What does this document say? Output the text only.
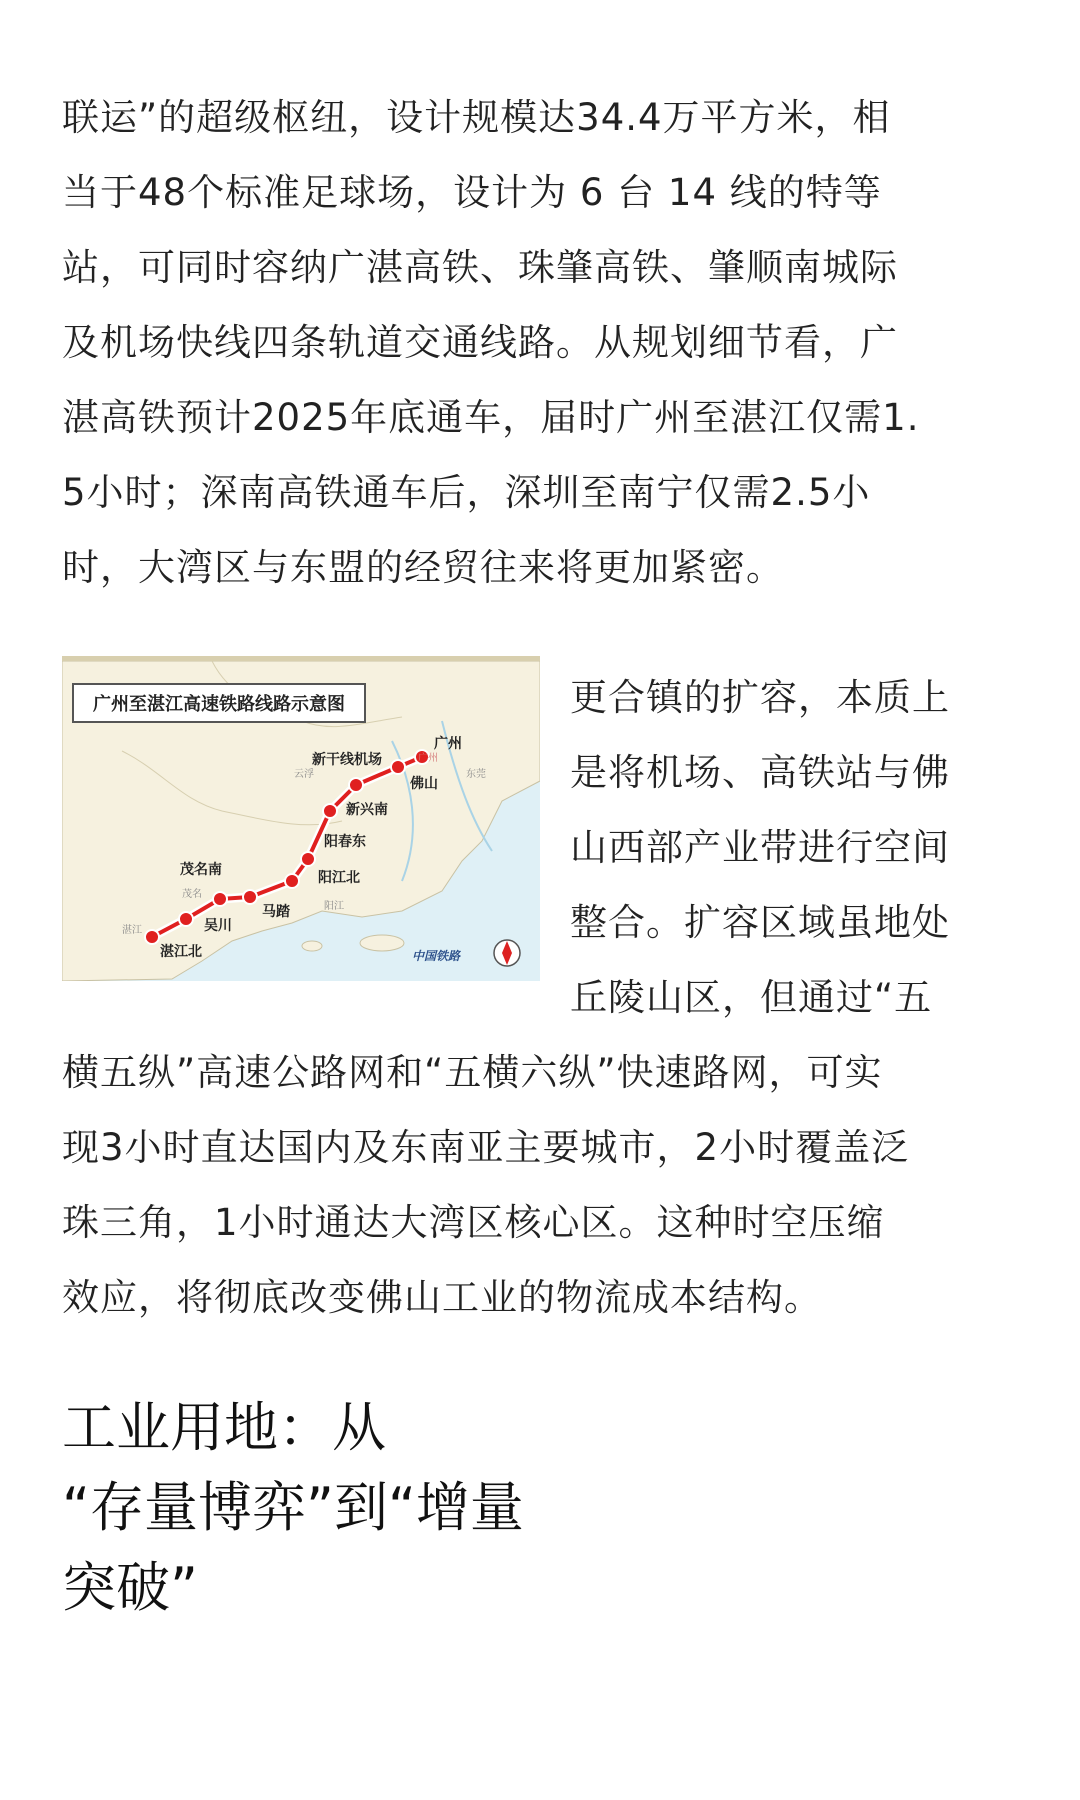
联运”的超级枢纽，设计规模达34.4万平方米，相
当于48个标准足球场，设计为 6 台 14 线的特等
站，可同时容纳广湛高铁、珠肇高铁、肇顺南城际
及机场快线四条轨道交通线路。从规划细节看，广
湛高铁预计2025年底通车，届时广州至湛江仅需1.
5小时；深南高铁通车后，深圳至南宁仅需2.5小
时，大湾区与东盟的经贸往来将更加紧密。
广州至湛江高速铁路线路示意图
广州
佛山
新干线机场
新兴南
阳春东
阳江北
马踏
茂名南
吴川
湛江北
云浮	东莞
茂名
湛江
阳江
广州
中国铁路
更合镇的扩容，本质上
是将机场、高铁站与佛
山西部产业带进行空间
整合。扩容区域虽地处
丘陵山区，但通过“五
横五纵”高速公路网和“五横六纵”快速路网，可实
现3小时直达国内及东南亚主要城市，2小时覆盖泛
珠三角，1小时通达大湾区核心区。这种时空压缩
效应，将彻底改变佛山工业的物流成本结构。
工业用地：从
“存量博弈”到“增量
突破”
